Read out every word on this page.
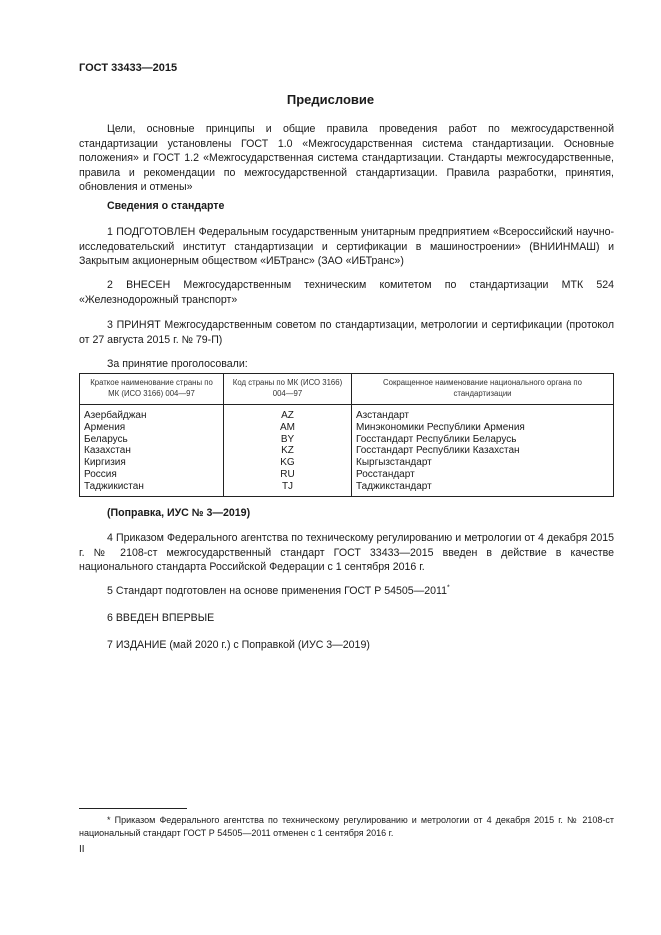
ГОСТ 33433—2015
Предисловие
Цели, основные принципы и общие правила проведения работ по межгосударственной стандартизации установлены ГОСТ 1.0 «Межгосударственная система стандартизации. Основные положения» и ГОСТ 1.2 «Межгосударственная система стандартизации. Стандарты межгосударственные, правила и рекомендации по межгосударственной стандартизации. Правила разработки, принятия, обновления и отмены»
Сведения о стандарте
1 ПОДГОТОВЛЕН Федеральным государственным унитарным предприятием «Всероссийский научно-исследовательский институт стандартизации и сертификации в машиностроении» (ВНИИНМАШ) и Закрытым акционерным обществом «ИБТранс» (ЗАО «ИБТранс»)
2 ВНЕСЕН Межгосударственным техническим комитетом по стандартизации МТК 524 «Железнодорожный транспорт»
3 ПРИНЯТ Межгосударственным советом по стандартизации, метрологии и сертификации (протокол от 27 августа 2015 г. № 79-П)
За принятие проголосовали:
Краткое наименование страны по МК (ИСО 3166) 004—97	Код страны по МК (ИСО 3166) 004—97	Сокращенное наименование национального органа по стандартизации
Азербайджан	AZ	Азстандарт
Армения	AM	Минэкономики Республики Армения
Беларусь	BY	Госстандарт Республики Беларусь
Казахстан	KZ	Госстандарт Республики Казахстан
Киргизия	KG	Кыргызстандарт
Россия	RU	Росстандарт
Таджикистан	TJ	Таджикстандарт
(Поправка, ИУС № 3—2019)
4 Приказом Федерального агентства по техническому регулированию и метрологии от 4 декабря 2015 г. № 2108-ст межгосударственный стандарт ГОСТ 33433—2015 введен в действие в качестве национального стандарта Российской Федерации с 1 сентября 2016 г.
5 Стандарт подготовлен на основе применения ГОСТ Р 54505—2011*
6 ВВЕДЕН ВПЕРВЫЕ
7 ИЗДАНИЕ (май 2020 г.) с Поправкой (ИУС 3—2019)
* Приказом Федерального агентства по техническому регулированию и метрологии от 4 декабря 2015 г. № 2108-ст национальный стандарт ГОСТ Р 54505—2011 отменен с 1 сентября 2016 г.
II
